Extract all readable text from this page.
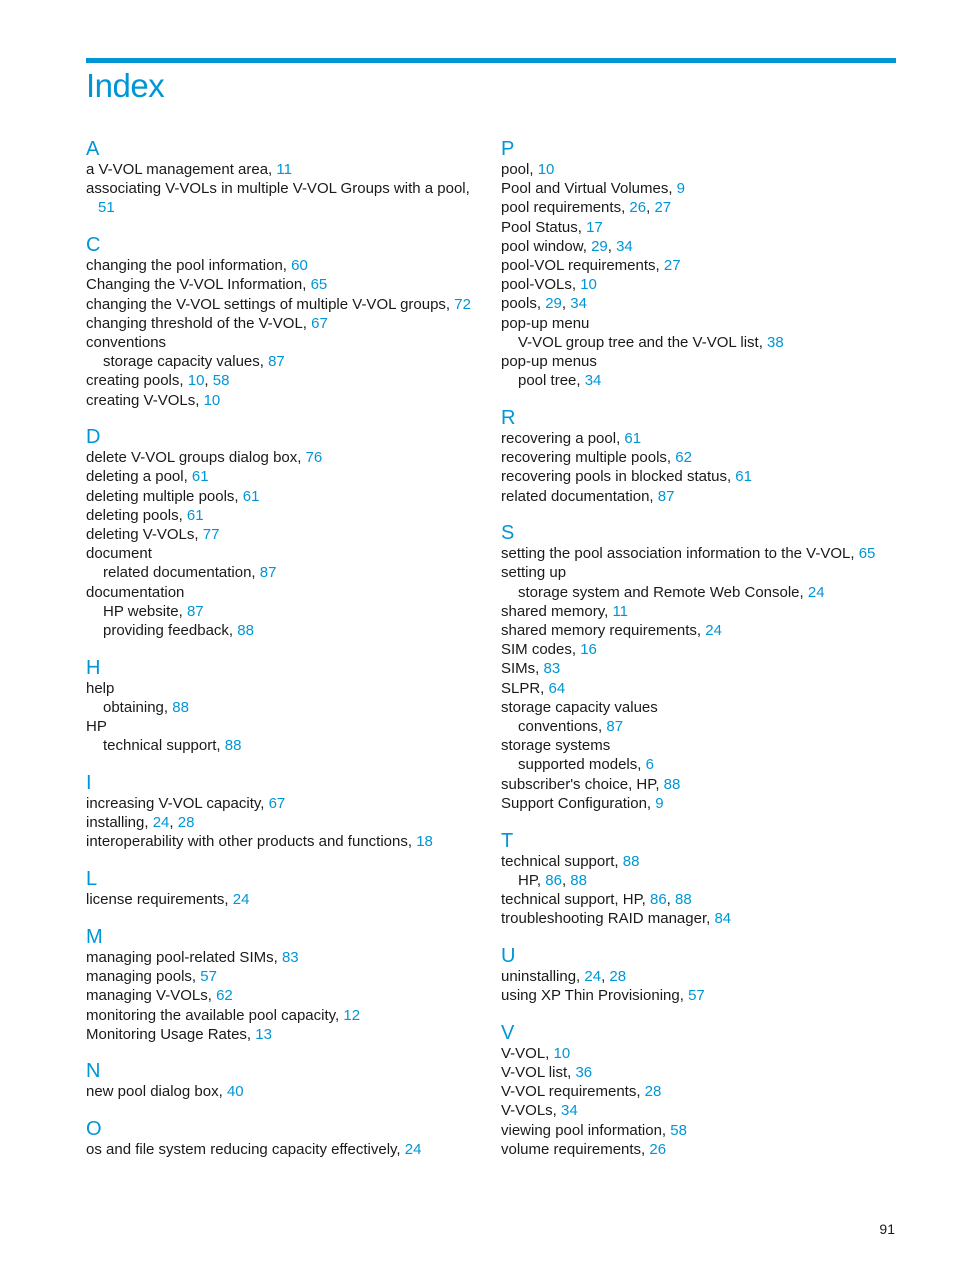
Index
A
a V-VOL management area, 11
associating V-VOLs in multiple V-VOL Groups with a pool,
51
C
changing the pool information, 60
Changing the V-VOL Information, 65
changing the V-VOL settings of multiple V-VOL groups, 72
changing threshold of the V-VOL, 67
conventions
storage capacity values, 87
creating pools, 10, 58
creating V-VOLs, 10
D
delete V-VOL groups dialog box, 76
deleting a pool, 61
deleting multiple pools, 61
deleting pools, 61
deleting V-VOLs, 77
document
related documentation, 87
documentation
HP website, 87
providing feedback, 88
H
help
obtaining, 88
HP
technical support, 88
I
increasing V-VOL capacity, 67
installing, 24, 28
interoperability with other products and functions, 18
L
license requirements, 24
M
managing pool-related SIMs, 83
managing pools, 57
managing V-VOLs, 62
monitoring the available pool capacity, 12
Monitoring Usage Rates, 13
N
new pool dialog box, 40
O
os and file system reducing capacity effectively, 24
P
pool, 10
Pool and Virtual Volumes, 9
pool requirements, 26, 27
Pool Status, 17
pool window, 29, 34
pool-VOL requirements, 27
pool-VOLs, 10
pools, 29, 34
pop-up menu
V-VOL group tree and the V-VOL list, 38
pop-up menus
pool tree, 34
R
recovering a pool, 61
recovering multiple pools, 62
recovering pools in blocked status, 61
related documentation, 87
S
setting the pool association information to the V-VOL, 65
setting up
storage system and Remote Web Console, 24
shared memory, 11
shared memory requirements, 24
SIM codes, 16
SIMs, 83
SLPR, 64
storage capacity values
conventions, 87
storage systems
supported models, 6
subscriber's choice, HP, 88
Support Configuration, 9
T
technical support, 88
HP, 86, 88
technical support, HP, 86, 88
troubleshooting RAID manager, 84
U
uninstalling, 24, 28
using XP Thin Provisioning, 57
V
V-VOL, 10
V-VOL list, 36
V-VOL requirements, 28
V-VOLs, 34
viewing pool information, 58
volume requirements, 26
91
